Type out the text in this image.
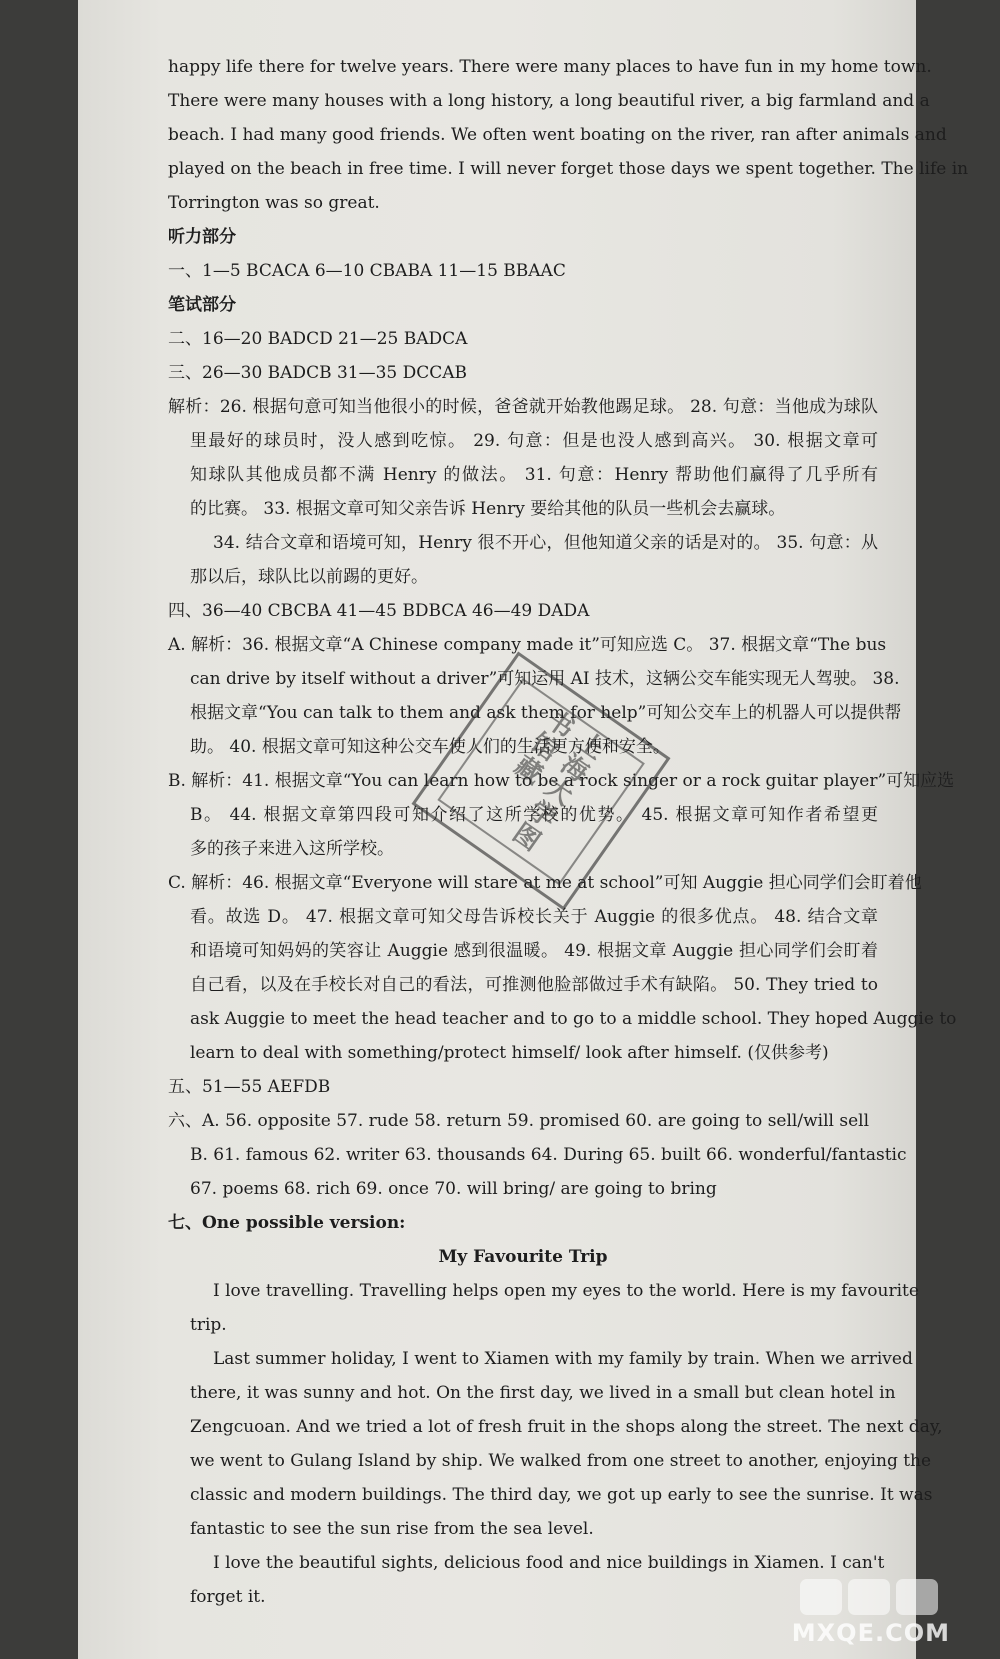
happy life there for twelve years. There were many places to have fun in my home town.
There were many houses with a long history, a long beautiful river, a big farmland and a
beach. I had many good friends. We often went boating on the river, ran after animals and
played on the beach in free time. I will never forget those days we spent together. The life in
Torrington was so great.
听力部分
一、1—5 BCACA 6—10 CBABA 11—15 BBAAC
笔试部分
二、16—20 BADCD 21—25 BADCA
三、26—30 BADCB 31—35 DCCAB
解析：26. 根据句意可知当他很小的时候，爸爸就开始教他踢足球。 28. 句意：当他成为球队
里最好的球员时，没人感到吃惊。 29. 句意：但是也没人感到高兴。 30. 根据文章可
知球队其他成员都不满 Henry 的做法。 31. 句意：Henry 帮助他们赢得了几乎所有
的比赛。 33. 根据文章可知父亲告诉 Henry 要给其他的队员一些机会去赢球。
34. 结合文章和语境可知，Henry 很不开心，但他知道父亲的话是对的。 35. 句意：从
那以后，球队比以前踢的更好。
四、36—40 CBCBA 41—45 BDBCA 46—49 DADA
A. 解析：36. 根据文章“A Chinese company made it”可知应选 C。 37. 根据文章“The bus
can drive by itself without a driver”可知运用 AI 技术，这辆公交车能实现无人驾驶。 38.
根据文章“You can talk to them and ask them for help”可知公交车上的机器人可以提供帮
助。 40. 根据文章可知这种公交车使人们的生活更方便和安全。
B. 解析：41. 根据文章“You can learn how to be a rock singer or a rock guitar player”可知应选
B。 44. 根据文章第四段可知介绍了这所学校的优势。 45. 根据文章可知作者希望更
多的孩子来进入这所学校。
C. 解析：46. 根据文章“Everyone will stare at me at school”可知 Auggie 担心同学们会盯着他
看。故选 D。 47. 根据文章可知父母告诉校长关于 Auggie 的很多优点。 48. 结合文章
和语境可知妈妈的笑容让 Auggie 感到很温暖。 49. 根据文章 Auggie 担心同学们会盯着
自己看，以及在手校长对自己的看法，可推测他脸部做过手术有缺陷。 50. They tried to
ask Auggie to meet the head teacher and to go to a middle school. They hoped Auggie to
learn to deal with something/protect himself/ look after himself. (仅供参考)
五、51—55 AEFDB
六、A. 56. opposite 57. rude 58. return 59. promised 60. are going to sell/will sell
B. 61. famous 62. writer 63. thousands 64. During 65. built 66. wonderful/fantastic
67. poems 68. rich 69. once 70. will bring/ are going to bring
七、One possible version:
My Favourite Trip
I love travelling. Travelling helps open my eyes to the world. Here is my favourite
trip.
Last summer holiday, I went to Xiamen with my family by train. When we arrived
there, it was sunny and hot. On the first day, we lived in a small but clean hotel in
Zengcuoan. And we tried a lot of fresh fruit in the shops along the street. The next day,
we went to Gulang Island by ship. We walked from one street to another, enjoying the
classic and modern buildings. The third day, we got up early to see the sunrise. It was
fantastic to see the sun rise from the sea level.
I love the beautiful sights, delicious food and nice buildings in Xiamen. I can't
forget it.
上海大学图书馆藏
MXQE.COM
